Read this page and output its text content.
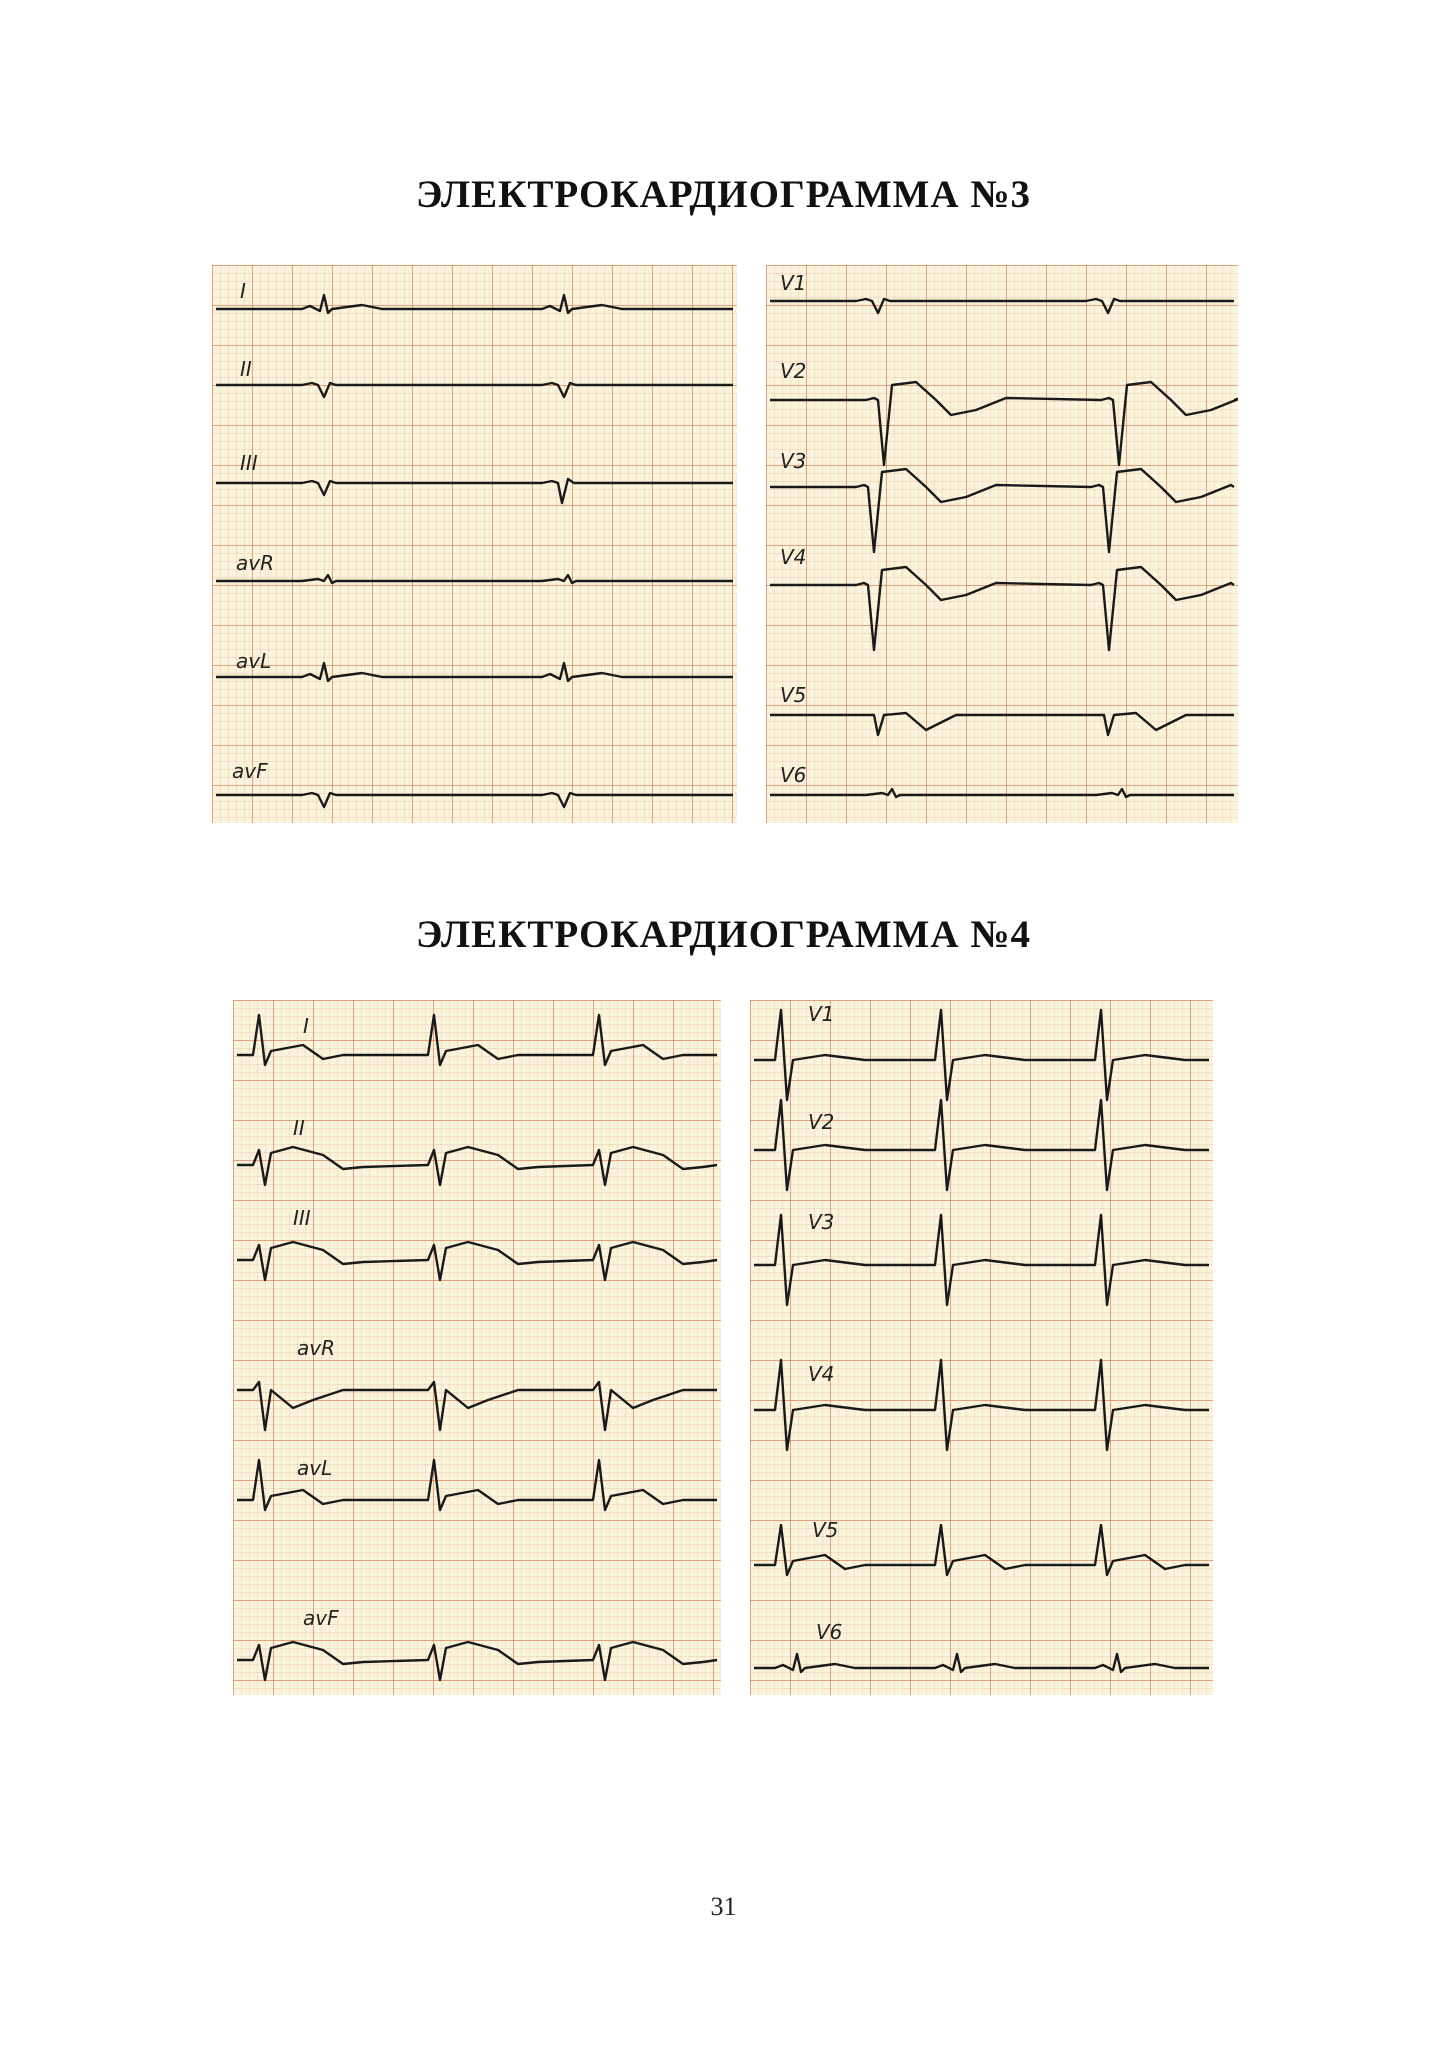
ЭЛЕКТРОКАРДИОГРАММА №3
I
II
III
avR
avL
avF
V1
V2
V3
V4
V5
V6
ЭЛЕКТРОКАРДИОГРАММА №4
I
II
III
avR
avL
avF
V1
V2
V3
V4
V5
V6
31
